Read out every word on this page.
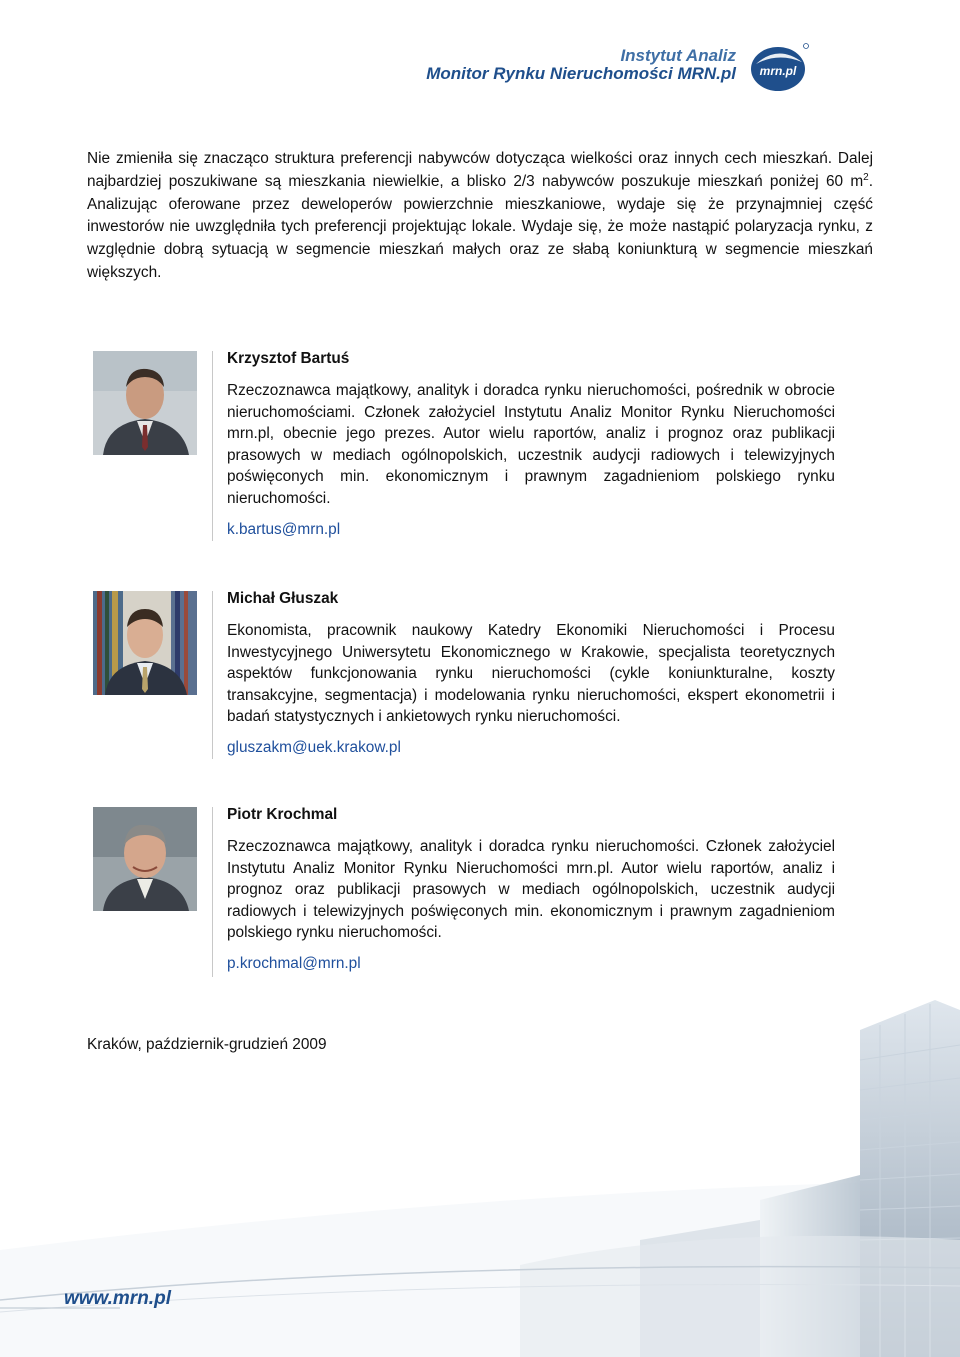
Instytut Analiz
Monitor Rynku Nieruchomości MRN.pl mrn.pl

Nie zmieniła się znacząco struktura preferencji nabywców dotycząca wielkości oraz innych cech mieszkań. Dalej najbardziej poszukiwane są mieszkania niewielkie, a blisko 2/3 nabywców poszukuje mieszkań poniżej 60 $m^2$. Analizując oferowane przez deweloperów powierzchnie mieszkaniowe, wydaje się że przynajmniej część inwestorów nie uwzględniła tych preferencji projektując lokale. Wydaje się, że może nastąpić polaryzacja rynku, z względnie dobrą sytuacją w segmencie mieszkań małych oraz ze słabą koniunkturą w segmencie mieszkań większych.

Krzysztof Bartuś

Rzeczoznawca majątkowy, analityk i doradca rynku nieruchomości, pośrednik w obrocie nieruchomościami. Członek założyciel Instytutu Analiz Monitor Rynku Nieruchomości mrn.pl, obecnie jego prezes. Autor wielu raportów, analiz i prognoz oraz publikacji prasowych w mediach ogólnopolskich, uczestnik audycji radiowych i telewizyjnych poświęconych min. ekonomicznym i prawnym zagadnieniom polskiego rynku nieruchomości.

k.bartus@mrn.pl

Michał Głuszak

Ekonomista, pracownik naukowy Katedry Ekonomiki Nieruchomości i Procesu Inwestycyjnego Uniwersytetu Ekonomicznego w Krakowie, specjalista teoretycznych aspektów funkcjonowania rynku nieruchomości (cykle koniunkturalne, koszty transakcyjne, segmentacja) i modelowania rynku nieruchomości, ekspert ekonometrii i badań statystycznych i ankietowych rynku nieruchomości.

gluszakm@uek.krakow.pl

Piotr Krochmal

Rzeczoznawca majątkowy, analityk i doradca rynku nieruchomości. Członek założyciel Instytutu Analiz Monitor Rynku Nieruchomości mrn.pl. Autor wielu raportów, analiz i prognoz oraz publikacji prasowych w mediach ogólnopolskich, uczestnik audycji radiowych i telewizyjnych poświęconych min. ekonomicznym i prawnym zagadnieniom polskiego rynku nieruchomości.

p.krochmal@mrn.pl

Kraków, październik-grudzień 2009

www.mrn.pl
